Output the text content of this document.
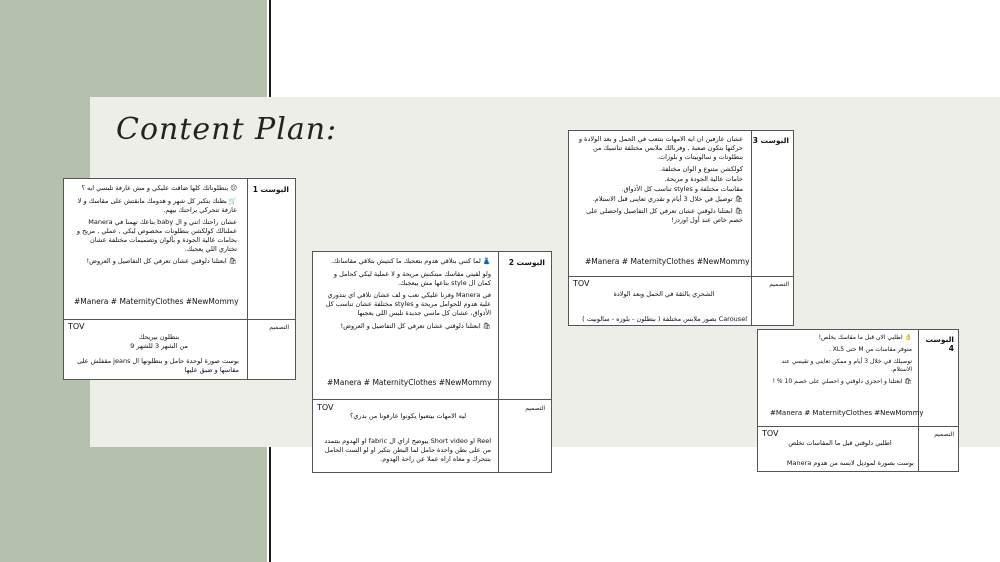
Content Plan:
البوست 1
😕 بنطلوناتك كلها ضاقت عليكي و مش عارفة تلبسي ايه ؟
🛒 بطنك بتكبر كل شهر و هدومك مابقتش على مقاسك و لا عارفة تتحركي براحتك بيهم.
عشان راحتك انتي و ال baby بتاعك تهمنا في Manera عملنالك كولكشن بنطلونات مخصوص ليكي , عملي , مريح و بخامات عالية الجودة و بألوان وتصميمات مختلفة عشان تختاري اللي يعجبك.
🛍 ابعتلنا دلوقتي عشان تعرفي كل التفاصيل و العروض!
#Manera # MaternityClothes #NewMommy
التصميم
TOV
بنطلون بيريحك
من الشهر 3 للشهر 9
بوست صورة لوحدة حامل و بنطلونها ال jeans مقفلش على مقاسها و ضيق عليها
البوست 2
👗 لما كتني بتلاقي هدوم بتعجبك ما كنتيش بتلاقي مقاساتك.
ولو لقيتي مقاسك مبتكنش مريحة و لا عملية ليكي كحامل و كمان ال style بتاعها مش بيعجبك.
في Manera وفرنا عليكي تعب و لف عشان تلاقي اي بتدوري علية هدوم للحوامل مريحة و styles مختلفة عشان تناسب كل الأذواق، عشان كل ماسي جديدة تلبس اللي يعجبها
🛍 ابعتلنا دلوقتي عشان تعرفي كل التفاصيل و العروض!
#Manera # MaternityClothes #NewMommy
التصميم
TOV
ليه الامهات بيتعبوا يكونوا عارفونا من بدري؟
Reel او Short video بيوضح ازاي ال fabric او الهدوم بتتمدد من على بطن واحدة حامل لما البطن بتكبر او لو الست الحامل بتتحرك و معاه اراه عملا عن راحة الهدوم.
البوست 3
عشان عارفين ان ايه الامهات بتتعب في الحمل و بعد الولادة و حركتها بتكون صعبة , وفرنالك ملابس مختلفة تناسبك من بنطلونات و سالوبيتات و بلوزات.
كولكشن متنوع و الوان مختلفة.
خامات عالية الجودة و مريحة.
مقاسات مختلفة و styles تناسب كل الأذواق.
🛍 توصيل في خلال 3 أيام و تقدري تعاينى قبل الاستلام.
🛍 ابعتلنا دلوقتي عشان تعرفي كل التفاصيل واحصلي على خصم خاص عند أول اوردر!
#Manera # MaternityClothes #NewMommy
التصميم
TOV
الشحري بالثقة في الحمل وبعد الولادة
Carousel بصور ملابس مختلفة ( بنطلون - بلوزه - سالوبيت )
البوست 4
👌 اطلبي الان قبل ما مقاسك يخلص!
متوفر مقاسات من M حتى XL5 .
توصيلك في خلال 3 أيام و ممكن تعاينى و تقيسي عند الاستلام.
🛍 ابعتلنا و احجزي دلوقتي و احصلي على خصم 10 % !
#Manera # MaternityClothes #NewMommy
التصميم
TOV
اطلبي دلوقتي قبل ما المقاسات تخلص
بوست بصورة لموديل لابسه من هدوم Manera
